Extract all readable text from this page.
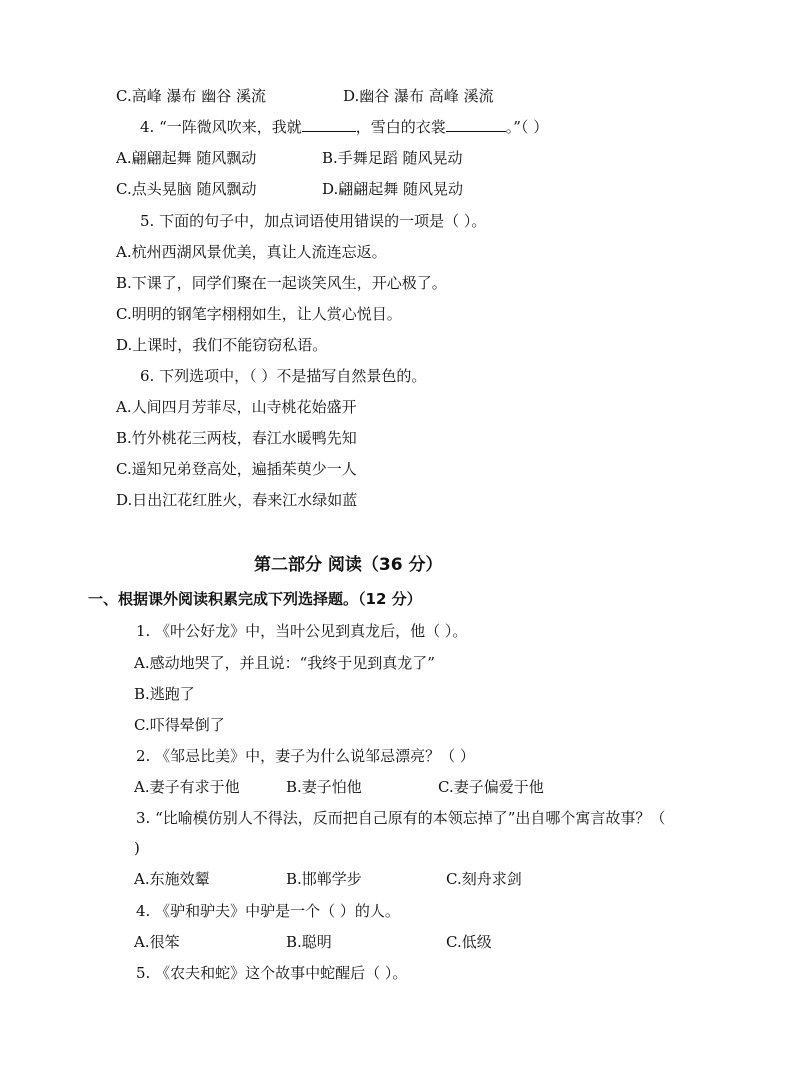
C.高峰 瀑布 幽谷 溪流	D.幽谷 瀑布 高峰 溪流
4. “一阵微风吹来，我就	，雪白的衣裳	。”（ ）
A.翩翩起舞 随风飘动	B.手舞足蹈 随风晃动
C.点头晃脑 随风飘动	D.翩翩起舞 随风晃动
5. 下面的句子中，加点词语使用错误的一项是（ ）。
A.杭州西湖风景优美，真让人流连忘返。
B.下课了，同学们聚在一起谈笑风生，开心极了。
C.明明的钢笔字栩栩如生，让人赏心悦目。
D.上课时，我们不能窃窃私语。
6. 下列选项中，（ ）不是描写自然景色的。
A.人间四月芳菲尽，山寺桃花始盛开
B.竹外桃花三两枝，春江水暖鸭先知
C.遥知兄弟登高处，遍插茱萸少一人
D.日出江花红胜火，春来江水绿如蓝
第二部分 阅读（36 分）
一、根据课外阅读积累完成下列选择题。（12 分）
1. 《叶公好龙》中，当叶公见到真龙后，他（ ）。
A.感动地哭了，并且说：“我终于见到真龙了”
B.逃跑了
C.吓得晕倒了
2. 《邹忌比美》中，妻子为什么说邹忌漂亮？（ ）
A.妻子有求于他	B.妻子怕他	C.妻子偏爱于他
3. “比喻模仿别人不得法，反而把自己原有的本领忘掉了”出自哪个寓言故事？（
)
A.东施效颦	B.邯郸学步	C.刻舟求剑
4. 《驴和驴夫》中驴是一个（ ）的人。
A.很笨	B.聪明	C.低级
5. 《农夫和蛇》这个故事中蛇醒后（ ）。
